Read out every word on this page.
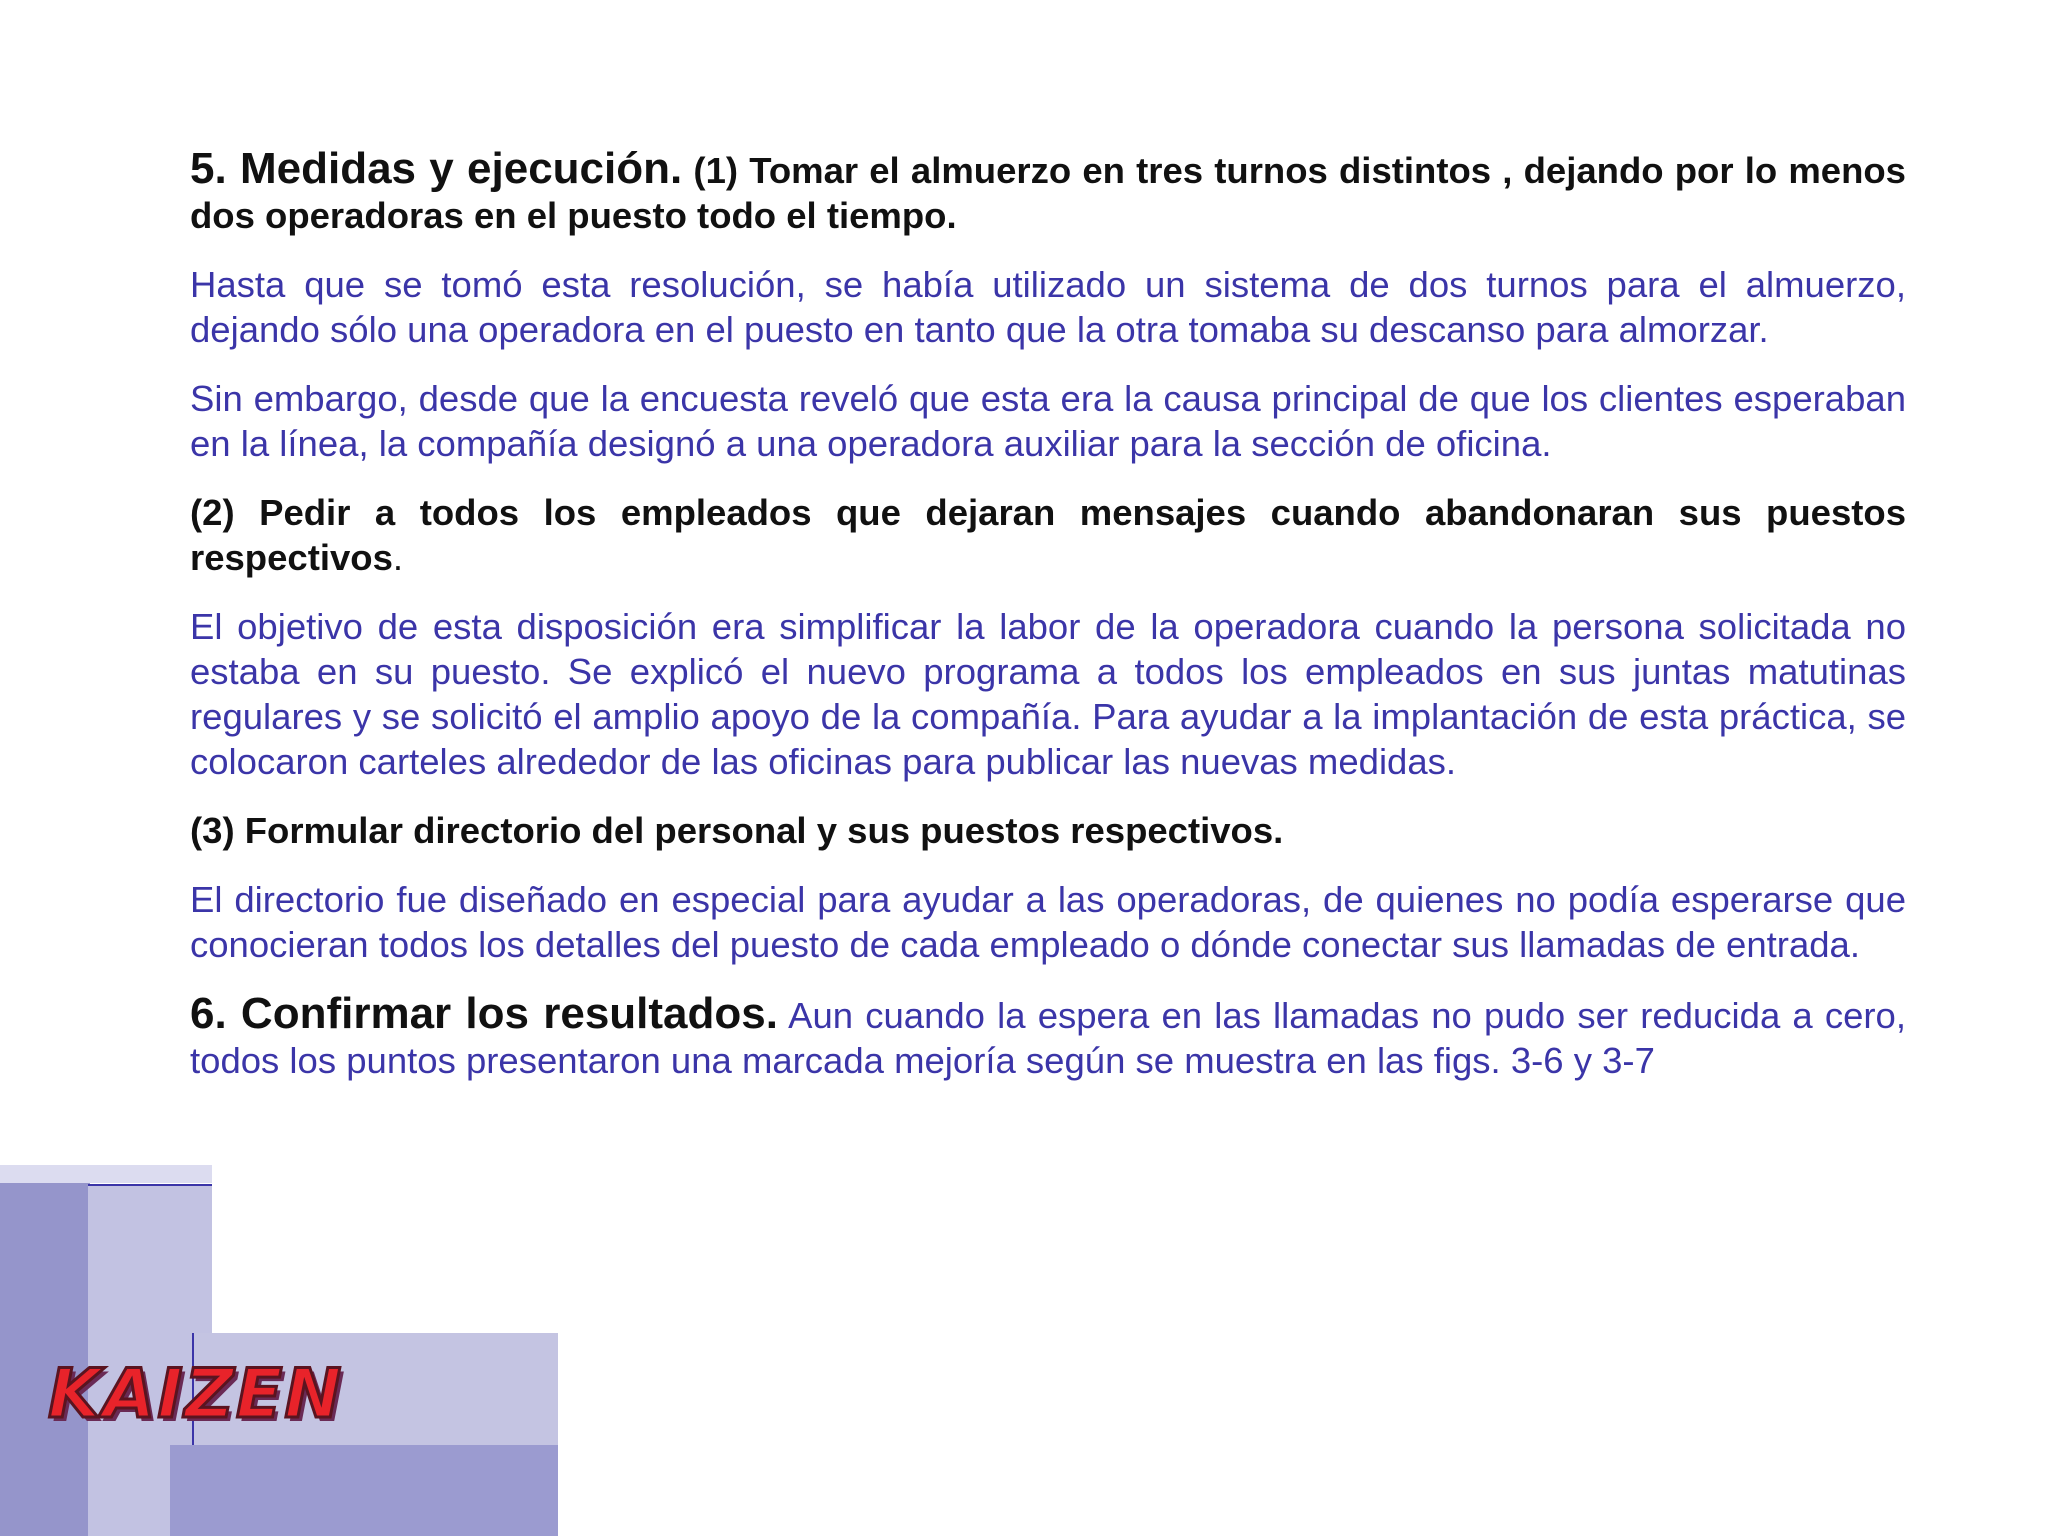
5. Medidas y ejecución. (1) Tomar el almuerzo en tres turnos distintos , dejando por lo menos dos operadoras en el puesto todo el tiempo.

Hasta que se tomó esta resolución, se había utilizado un sistema de dos turnos para el almuerzo, dejando sólo una operadora en el puesto en tanto que la otra tomaba su descanso para almorzar.

Sin embargo, desde que la encuesta reveló que esta era la causa principal de que los clientes esperaban en la línea, la compañía designó a una operadora auxiliar para la sección de oficina.

(2) Pedir a todos los empleados que dejaran mensajes cuando abandonaran sus puestos respectivos.

El objetivo de esta disposición era simplificar la labor de la operadora cuando la persona solicitada no estaba en su puesto. Se explicó el nuevo programa a todos los empleados en sus juntas matutinas regulares y se solicitó el amplio apoyo de la compañía. Para ayudar a la implantación de esta práctica, se colocaron carteles alrededor de las oficinas para publicar las nuevas medidas.

(3) Formular directorio del personal y sus puestos respectivos.

El directorio fue diseñado en especial para ayudar a las operadoras, de quienes no podía esperarse que conocieran todos los detalles del puesto de cada empleado o dónde conectar sus llamadas de entrada.

6. Confirmar los resultados. Aun cuando la espera en las llamadas no pudo ser reducida a cero, todos los puntos presentaron una marcada mejoría según se muestra en las figs. 3-6 y 3-7

KAIZEN
